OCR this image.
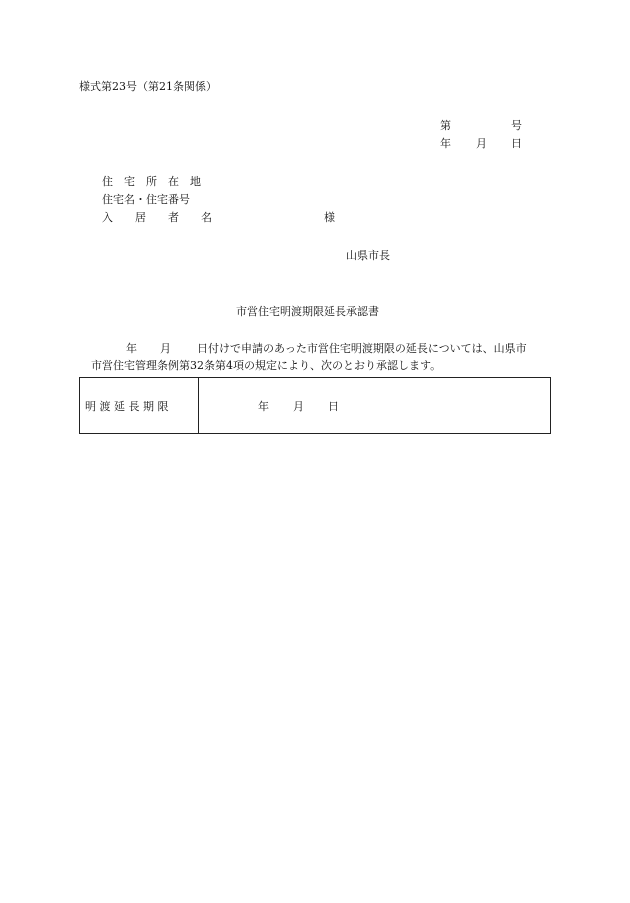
様式第23号（第21条関係）
第	号
年 月 日
住　宅　所　在　地
住宅名・住宅番号
入　　居　　者　　名	様
山県市長
市営住宅明渡期限延長承認書
年 月 日付けで申請のあった市営住宅明渡期限の延長については、山県市
市営住宅管理条例第32条第4項の規定により、次のとおり承認します。
明 渡 延 長 期 限	年 月 日
